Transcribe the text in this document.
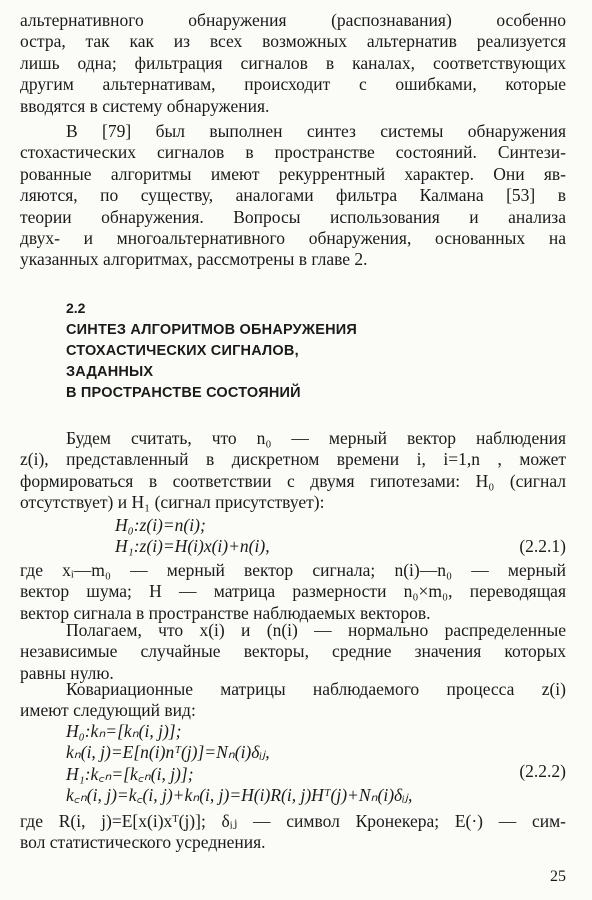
альтернативного обнаружения (распознавания) особенно
остра, так как из всех возможных альтернатив реализуется
лишь одна; фильтрация сигналов в каналах, соответствующих
другим альтернативам, происходит с ошибками, которые
вводятся в систему обнаружения.
В [79] был выполнен синтез системы обнаружения
стохастических сигналов в пространстве состояний. Синтези-
рованные алгоритмы имеют рекуррентный характер. Они яв-
ляются, по существу, аналогами фильтра Калмана [53] в
теории обнаружения. Вопросы использования и анализа
двух- и многоальтернативного обнаружения, основанных на
указанных алгоритмах, рассмотрены в главе 2.
2.2
СИНТЕЗ АЛГОРИТМОВ ОБНАРУЖЕНИЯ
СТОХАСТИЧЕСКИХ СИГНАЛОВ,
ЗАДАННЫХ
В ПРОСТРАНСТВЕ СОСТОЯНИЙ
Будем считать, что n₀ — мерный вектор наблюдения
z(i), представленный в дискретном времени i, i=1,n , может
формироваться в соответствии с двумя гипотезами: H₀ (сигнал
отсутствует) и H₁ (сигнал присутствует):
H₀:z(i)=n(i);
H₁:z(i)=H(i)x(i)+n(i),	(2.2.1)
где xᵢ—m₀ — мерный вектор сигнала; n(i)—n₀ — мерный
вектор шума; H — матрица размерности n₀×m₀, переводящая
вектор сигнала в пространстве наблюдаемых векторов.
Полагаем, что x(i) и (n(i) — нормально распределенные
независимые случайные векторы, средние значения которых
равны нулю.
Ковариационные матрицы наблюдаемого процесса z(i)
имеют следующий вид:
H₀:kₙ=[kₙ(i, j)];
kₙ(i, j)=E[n(i)nᵀ(j)]=Nₙ(i)δᵢⱼ,
H₁:k꜀ₙ=[k꜀ₙ(i, j)];
k꜀ₙ(i, j)=k꜀(i, j)+kₙ(i, j)=H(i)R(i, j)Hᵀ(j)+Nₙ(i)δᵢⱼ,
(2.2.2)
где R(i, j)=E[x(i)xᵀ(j)]; δᵢⱼ — символ Кронекера; E(·) — сим-
вол статистического усреднения.
25
